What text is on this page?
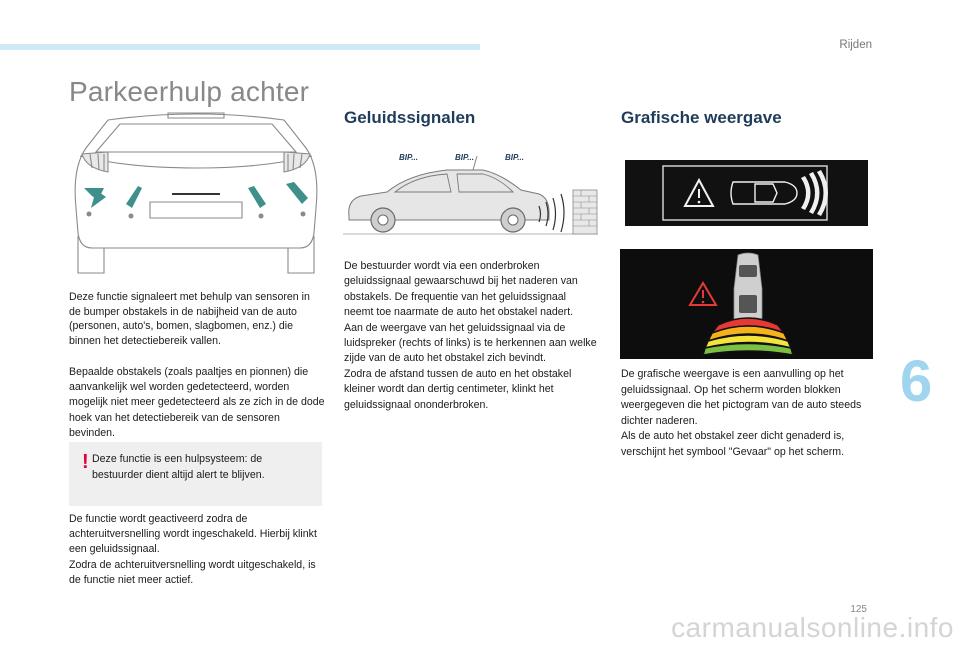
Rijden
Parkeerhulp achter
Deze functie signaleert met behulp van sensoren in de bumper obstakels in de nabijheid van de auto (personen, auto's, bomen, slagbomen, enz.) die binnen het detectiebereik vallen.
Bepaalde obstakels (zoals paaltjes en pionnen) die aanvankelijk wel worden gedetecteerd, worden mogelijk niet meer gedetecteerd als ze zich in de dode hoek van het detectiebereik van de sensoren bevinden.
! Deze functie is een hulpsysteem: de bestuurder dient altijd alert te blijven.

De functie wordt geactiveerd zodra de achteruitversnelling wordt ingeschakeld. Hierbij klinkt een geluidssignaal.

Zodra de achteruitversnelling wordt uitgeschakeld, is de functie niet meer actief.

Geluidssignalen
BIP...	BIP...	BIP...

De bestuurder wordt via een onderbroken geluidssignaal gewaarschuwd bij het naderen van obstakels. De frequentie van het geluidssignaal neemt toe naarmate de auto het obstakel nadert.

Aan de weergave van het geluidssignaal via de luidspreker (rechts of links) is te herkennen aan welke zijde van de auto het obstakel zich bevindt.

Zodra de afstand tussen de auto en het obstakel kleiner wordt dan dertig centimeter, klinkt het geluidssignaal ononderbroken.

Grafische weergave

De grafische weergave is een aanvulling op het geluidssignaal. Op het scherm worden blokken weergegeven die het pictogram van de auto steeds dichter naderen.

Als de auto het obstakel zeer dicht genaderd is, verschijnt het symbool "Gevaar" op het scherm.

6
125
carmanualsonline.info
